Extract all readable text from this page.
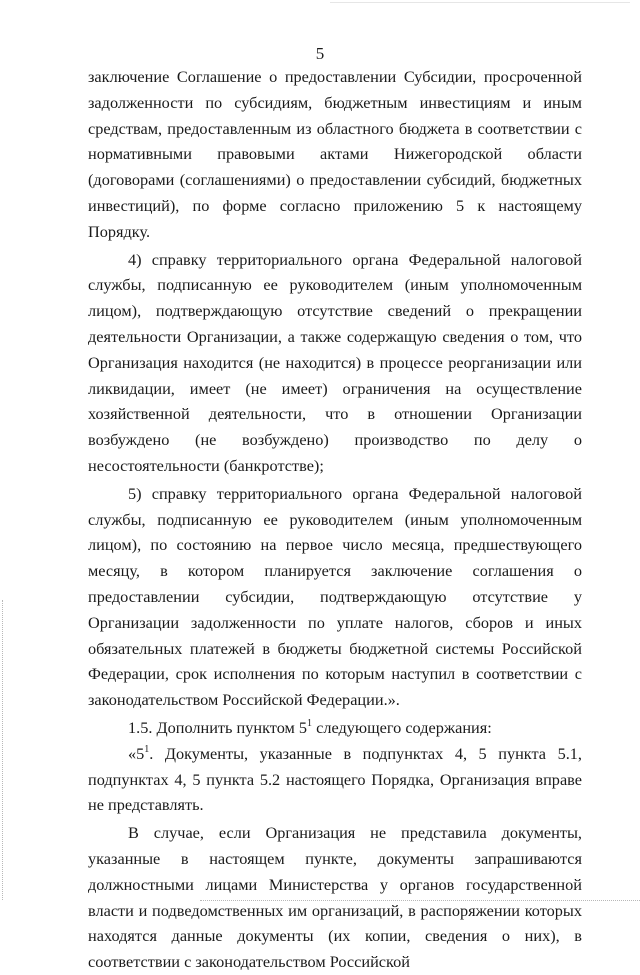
5

заключение Соглашение о предоставлении Субсидии, просроченной задолженности по субсидиям, бюджетным инвестициям и иным средствам, предоставленным из областного бюджета в соответствии с нормативными правовыми актами Нижегородской области (договорами (соглашениями) о предоставлении субсидий, бюджетных инвестиций), по форме согласно приложению 5 к настоящему Порядку.

4) справку территориального органа Федеральной налоговой службы, подписанную ее руководителем (иным уполномоченным лицом), подтверждающую отсутствие сведений о прекращении деятельности Организации, а также содержащую сведения о том, что Организация находится (не находится) в процессе реорганизации или ликвидации, имеет (не имеет) ограничения на осуществление хозяйственной деятельности, что в отношении Организации возбуждено (не возбуждено) производство по делу о несостоятельности (банкротстве);

5) справку территориального органа Федеральной налоговой службы, подписанную ее руководителем (иным уполномоченным лицом), по состоянию на первое число месяца, предшествующего месяцу, в котором планируется заключение соглашения о предоставлении субсидии, подтверждающую отсутствие у Организации задолженности по уплате налогов, сборов и иных обязательных платежей в бюджеты бюджетной системы Российской Федерации, срок исполнения по которым наступил в соответствии с законодательством Российской Федерации.».

1.5. Дополнить пунктом $5^1$ следующего содержания:

«$5^1$. Документы, указанные в подпунктах 4, 5 пункта 5.1, подпунктах 4, 5 пункта 5.2 настоящего Порядка, Организация вправе не представлять.

В случае, если Организация не представила документы, указанные в настоящем пункте, документы запрашиваются должностными лицами Министерства у органов государственной власти и подведомственных им организаций, в распоряжении которых находятся данные документы (их копии, сведения о них), в соответствии с законодательством Российской
